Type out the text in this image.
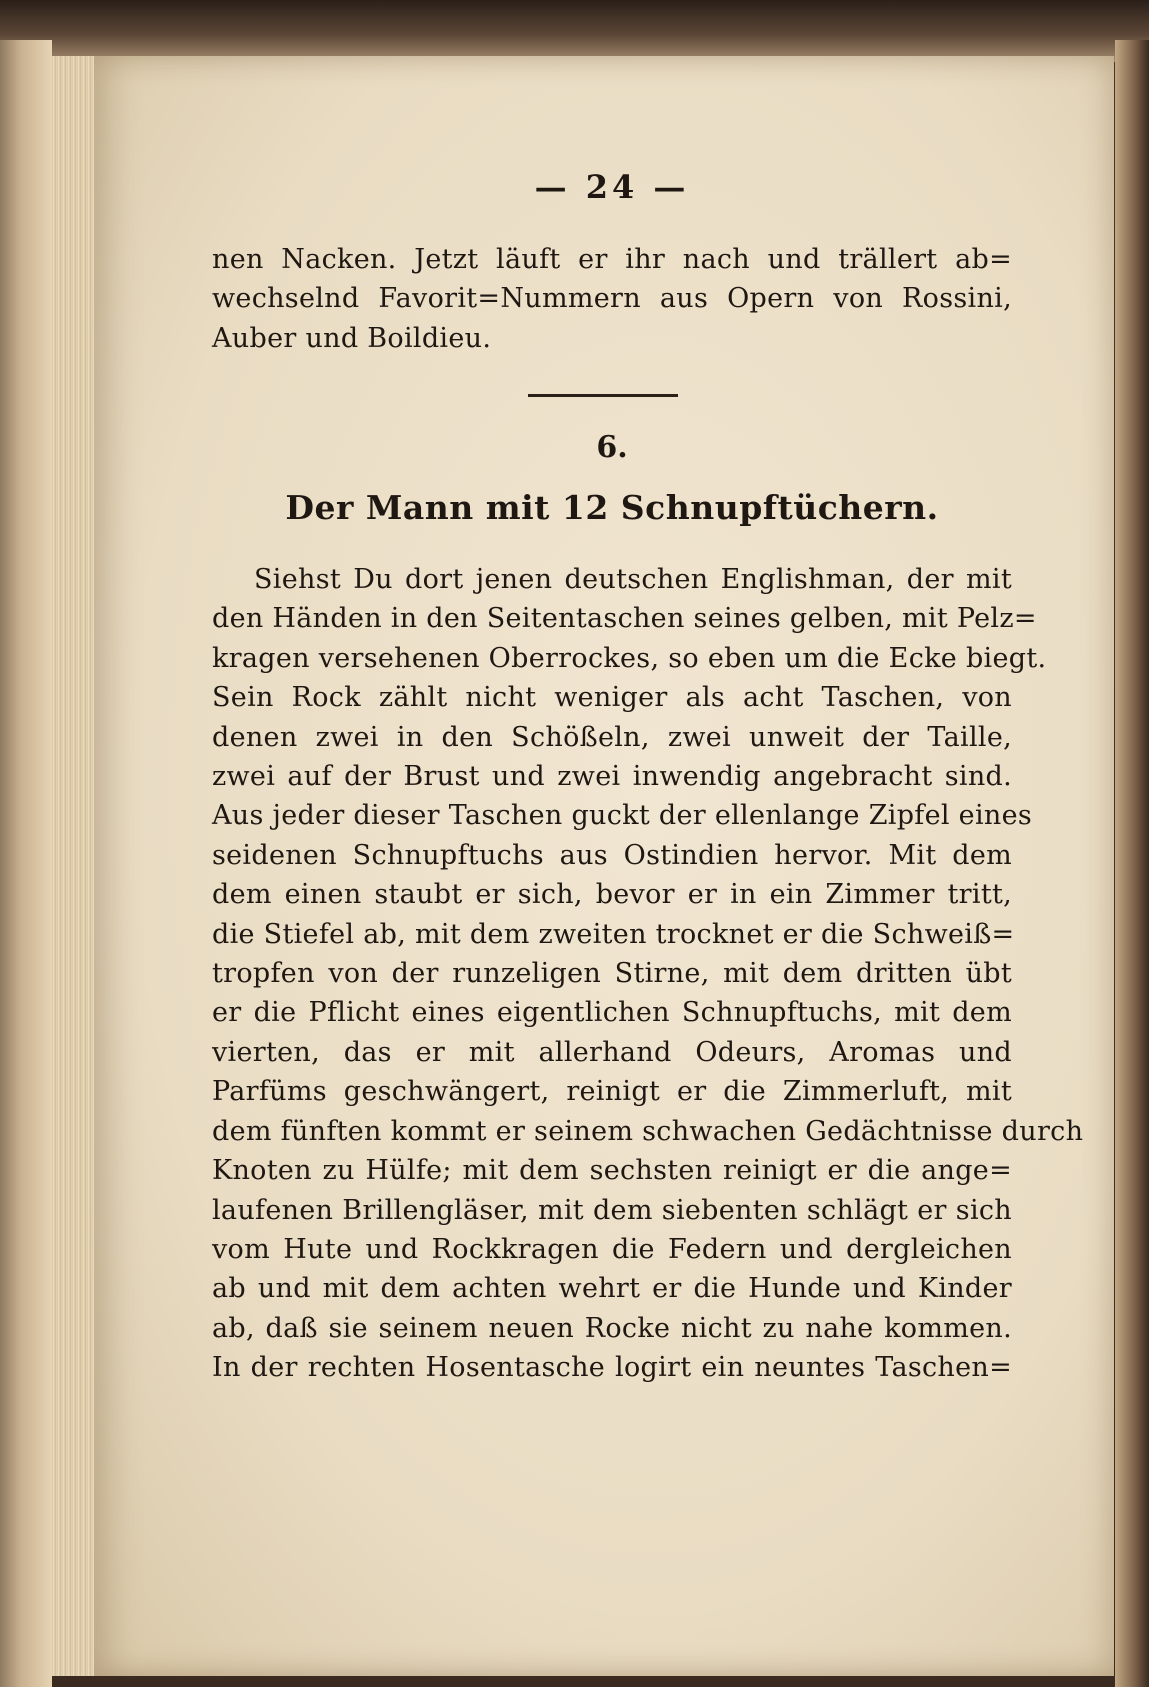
— 24 —
nen Nacken. Jetzt läuft er ihr nach und trällert ab=
wechselnd Favorit=Nummern aus Opern von Rossini,
Auber und Boildieu.
6.
Der Mann mit 12 Schnupftüchern.
Siehst Du dort jenen deutschen Englishman, der mit
den Händen in den Seitentaschen seines gelben, mit Pelz=
kragen versehenen Oberrockes, so eben um die Ecke biegt.
Sein Rock zählt nicht weniger als acht Taschen, von
denen zwei in den Schößeln, zwei unweit der Taille,
zwei auf der Brust und zwei inwendig angebracht sind.
Aus jeder dieser Taschen guckt der ellenlange Zipfel eines
seidenen Schnupftuchs aus Ostindien hervor. Mit dem
dem einen staubt er sich, bevor er in ein Zimmer tritt,
die Stiefel ab, mit dem zweiten trocknet er die Schweiß=
tropfen von der runzeligen Stirne, mit dem dritten übt
er die Pflicht eines eigentlichen Schnupftuchs, mit dem
vierten, das er mit allerhand Odeurs, Aromas und
Parfüms geschwängert, reinigt er die Zimmerluft, mit
dem fünften kommt er seinem schwachen Gedächtnisse durch
Knoten zu Hülfe; mit dem sechsten reinigt er die ange=
laufenen Brillengläser, mit dem siebenten schlägt er sich
vom Hute und Rockkragen die Federn und dergleichen
ab und mit dem achten wehrt er die Hunde und Kinder
ab, daß sie seinem neuen Rocke nicht zu nahe kommen.
In der rechten Hosentasche logirt ein neuntes Taschen=
